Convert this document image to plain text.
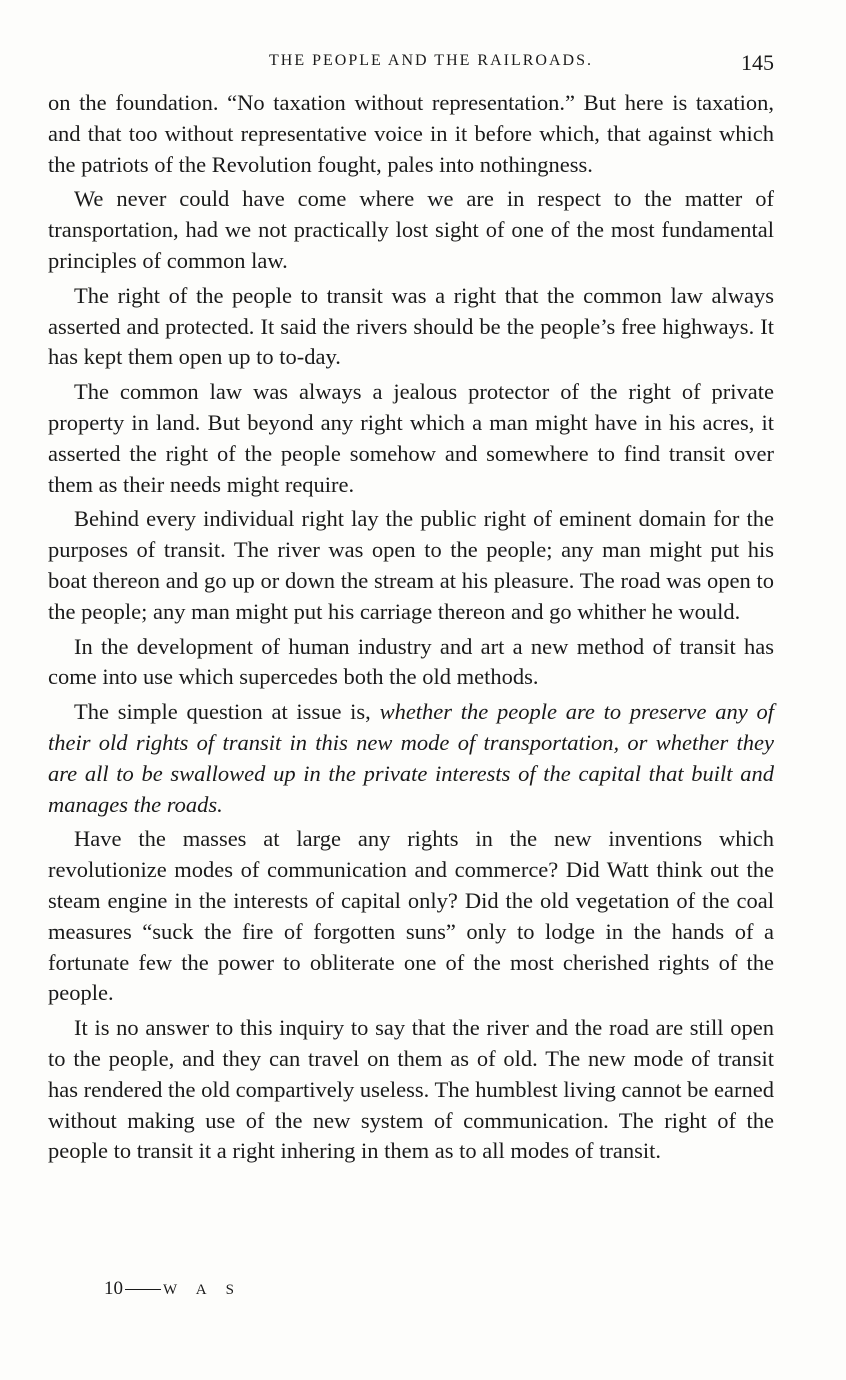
THE PEOPLE AND THE RAILROADS.	145

on the foundation. “No taxation without representation.” But here is taxation, and that too without representative voice in it before which, that against which the patriots of the Revolution fought, pales into nothingness.

We never could have come where we are in respect to the matter of transportation, had we not practically lost sight of one of the most fundamental principles of common law.

The right of the people to transit was a right that the common law always asserted and protected. It said the rivers should be the people’s free highways. It has kept them open up to to-day.

The common law was always a jealous protector of the right of private property in land. But beyond any right which a man might have in his acres, it asserted the right of the people somehow and somewhere to find transit over them as their needs might require.

Behind every individual right lay the public right of eminent domain for the purposes of transit. The river was open to the people; any man might put his boat thereon and go up or down the stream at his pleasure. The road was open to the people; any man might put his carriage thereon and go whither he would.

In the development of human industry and art a new method of transit has come into use which supercedes both the old methods.

The simple question at issue is, whether the people are to preserve any of their old rights of transit in this new mode of transportation, or whether they are all to be swallowed up in the private interests of the capital that built and manages the roads.

Have the masses at large any rights in the new inventions which revolutionize modes of communication and commerce? Did Watt think out the steam engine in the interests of capital only? Did the old vegetation of the coal measures “suck the fire of forgotten suns” only to lodge in the hands of a fortunate few the power to obliterate one of the most cherished rights of the people.

It is no answer to this inquiry to say that the river and the road are still open to the people, and they can travel on them as of old. The new mode of transit has rendered the old compartively useless. The humblest living cannot be earned without making use of the new system of communication. The right of the people to transit it a right inhering in them as to all modes of transit.

10	W A S
